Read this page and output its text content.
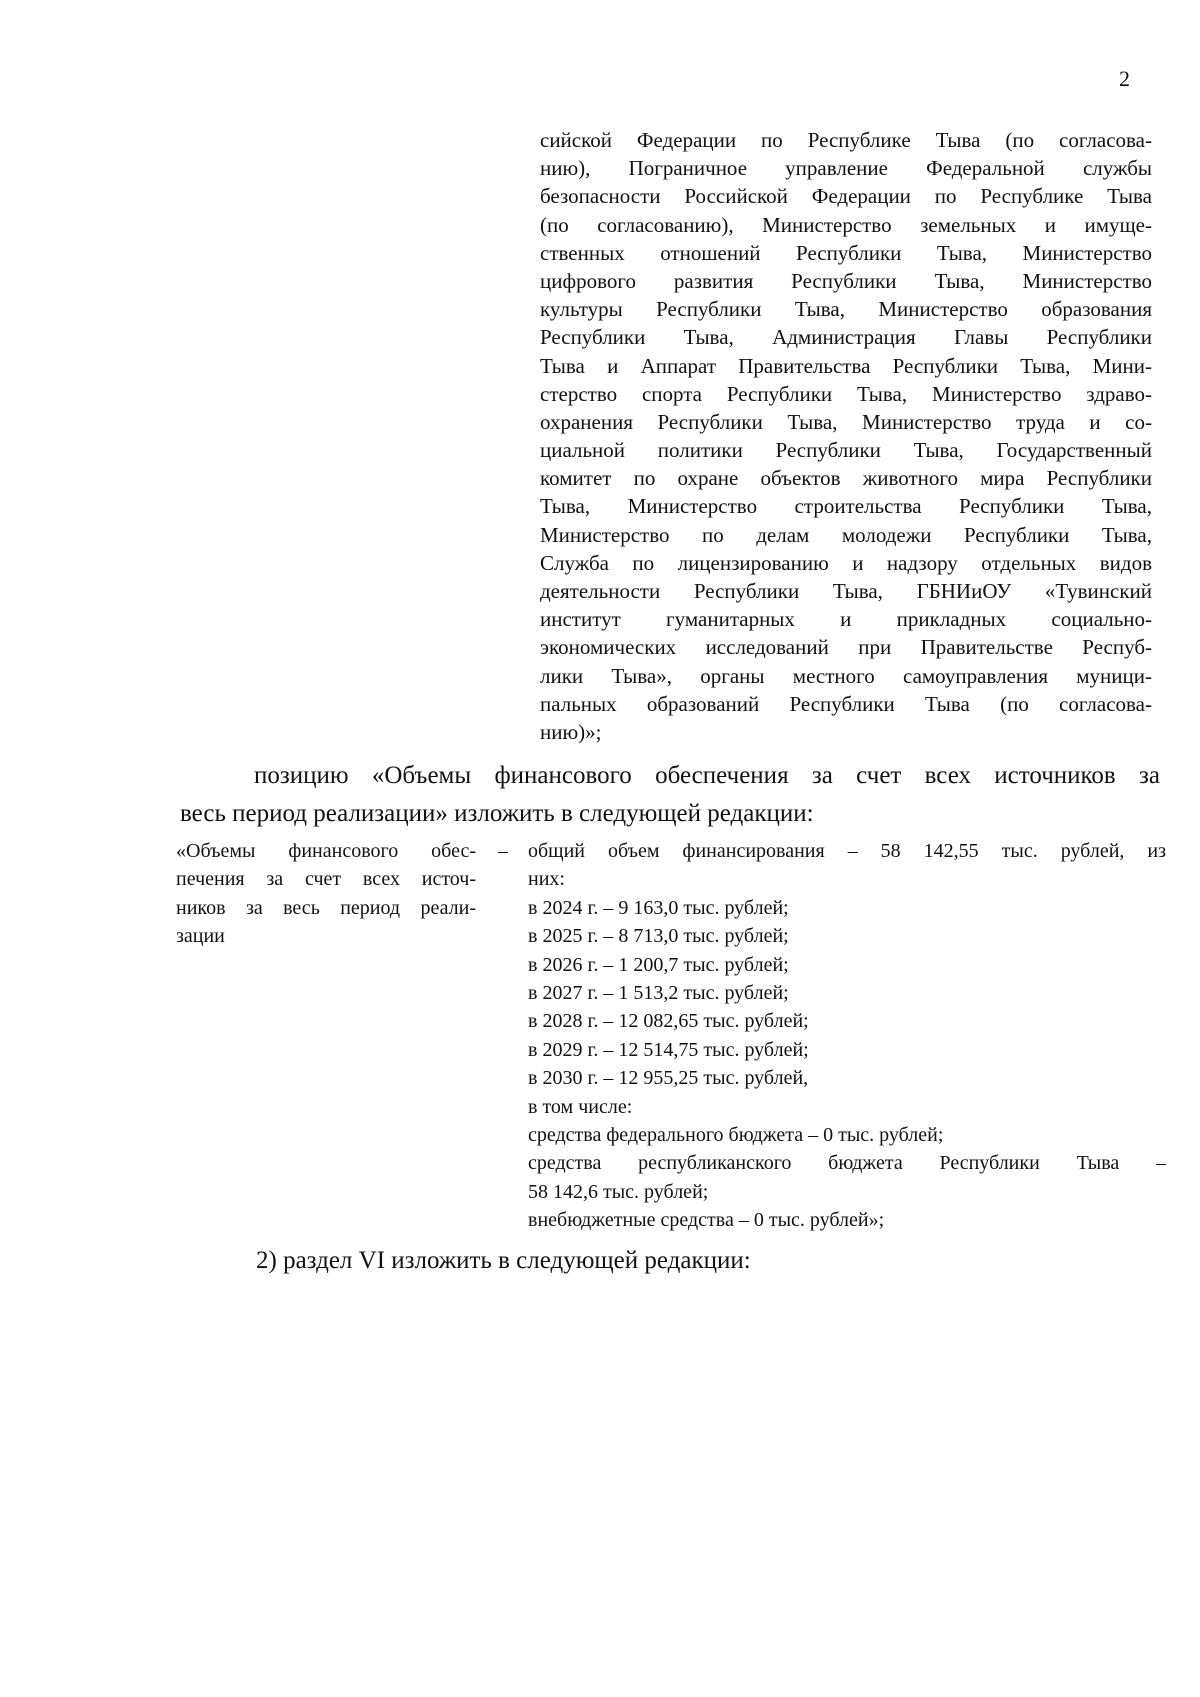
2
сийской Федерации по Республике Тыва (по согласова-
нию), Пограничное управление Федеральной службы
безопасности Российской Федерации по Республике Тыва
(по согласованию), Министерство земельных и имуще-
ственных отношений Республики Тыва, Министерство
цифрового развития Республики Тыва, Министерство
культуры Республики Тыва, Министерство образования
Республики Тыва, Администрация Главы Республики
Тыва и Аппарат Правительства Республики Тыва, Мини-
стерство спорта Республики Тыва, Министерство здраво-
охранения Республики Тыва, Министерство труда и со-
циальной политики Республики Тыва, Государственный
комитет по охране объектов животного мира Республики
Тыва, Министерство строительства Республики Тыва,
Министерство по делам молодежи Республики Тыва,
Служба по лицензированию и надзору отдельных видов
деятельности Республики Тыва, ГБНИиОУ «Тувинский
институт гуманитарных и прикладных социально-
экономических исследований при Правительстве Респуб-
лики Тыва», органы местного самоуправления муници-
пальных образований Республики Тыва (по согласова-
нию)»;
позицию «Объемы финансового обеспечения за счет всех источников за
весь период реализации» изложить в следующей редакции:
«Объемы финансового обес-
печения за счет всех источ-
ников за весь период реали-
зации
– общий объем финансирования – 58 142,55 тыс. рублей, из
них:
в 2024 г. – 9 163,0 тыс. рублей;
в 2025 г. – 8 713,0 тыс. рублей;
в 2026 г. – 1 200,7 тыс. рублей;
в 2027 г. – 1 513,2 тыс. рублей;
в 2028 г. – 12 082,65 тыс. рублей;
в 2029 г. – 12 514,75 тыс. рублей;
в 2030 г. – 12 955,25 тыс. рублей,
в том числе:
средства федерального бюджета – 0 тыс. рублей;
средства республиканского бюджета Республики Тыва –
58 142,6 тыс. рублей;
внебюджетные средства – 0 тыс. рублей»;
2) раздел VI изложить в следующей редакции:
